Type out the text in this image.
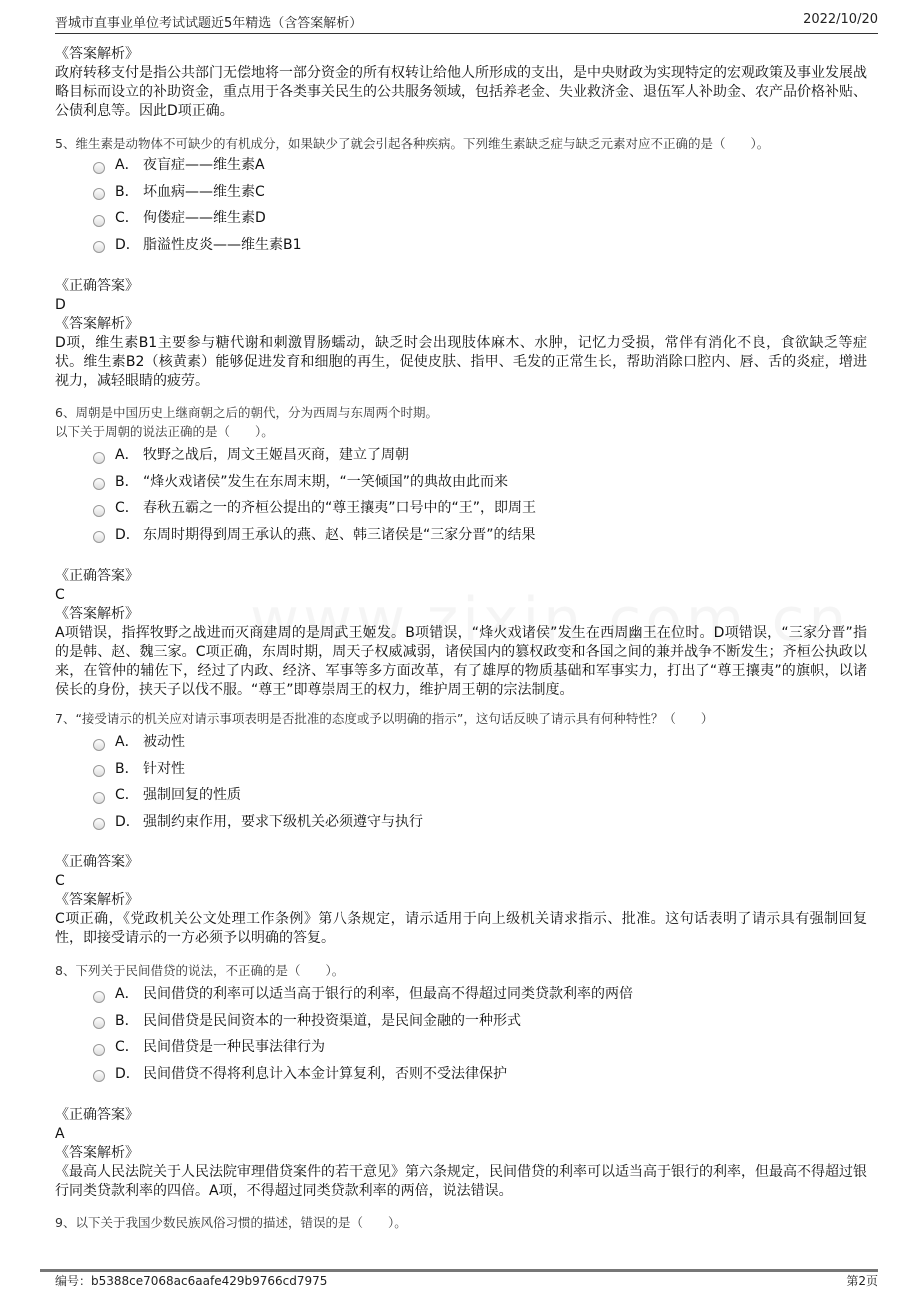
晋城市直事业单位考试试题近5年精选（含答案解析）	2022/10/20
《答案解析》
政府转移支付是指公共部门无偿地将一部分资金的所有权转让给他人所形成的支出，是中央财政为实现特定的宏观政策及事业发展战略目标而设立的补助资金，重点用于各类事关民生的公共服务领域，包括养老金、失业救济金、退伍军人补助金、农产品价格补贴、公债利息等。因此D项正确。
5、维生素是动物体不可缺少的有机成分，如果缺少了就会引起各种疾病。下列维生素缺乏症与缺乏元素对应不正确的是（　　）。
A． 夜盲症——维生素A
B． 坏血病——维生素C
C． 佝偻症——维生素D
D． 脂溢性皮炎——维生素B1
《正确答案》
D
《答案解析》
D项，维生素B1主要参与糖代谢和刺激胃肠蠕动，缺乏时会出现肢体麻木、水肿，记忆力受损，常伴有消化不良，食欲缺乏等症状。维生素B2（核黄素）能够促进发育和细胞的再生，促使皮肤、指甲、毛发的正常生长，帮助消除口腔内、唇、舌的炎症，增进视力，减轻眼睛的疲劳。
6、周朝是中国历史上继商朝之后的朝代，分为西周与东周两个时期。
以下关于周朝的说法正确的是（　　）。
A． 牧野之战后，周文王姬昌灭商，建立了周朝
B． “烽火戏诸侯”发生在东周末期，“一笑倾国”的典故由此而来
C． 春秋五霸之一的齐桓公提出的“尊王攘夷”口号中的“王”，即周王
D． 东周时期得到周王承认的燕、赵、韩三诸侯是“三家分晋”的结果
《正确答案》
C
《答案解析》
A项错误，指挥牧野之战进而灭商建周的是周武王姬发。B项错误，“烽火戏诸侯”发生在西周幽王在位时。D项错误，“三家分晋”指的是韩、赵、魏三家。C项正确，东周时期，周天子权威减弱，诸侯国内的篡权政变和各国之间的兼并战争不断发生；齐桓公执政以来，在管仲的辅佐下，经过了内政、经济、军事等多方面改革，有了雄厚的物质基础和军事实力，打出了“尊王攘夷”的旗帜，以诸侯长的身份，挟天子以伐不服。“尊王”即尊崇周王的权力，维护周王朝的宗法制度。
7、“接受请示的机关应对请示事项表明是否批准的态度或予以明确的指示”，这句话反映了请示具有何种特性？（　　）
A． 被动性
B． 针对性
C． 强制回复的性质
D． 强制约束作用，要求下级机关必须遵守与执行
《正确答案》
C
《答案解析》
C项正确，《党政机关公文处理工作条例》第八条规定，请示适用于向上级机关请求指示、批准。这句话表明了请示具有强制回复性，即接受请示的一方必须予以明确的答复。
8、下列关于民间借贷的说法，不正确的是（　　）。
A． 民间借贷的利率可以适当高于银行的利率，但最高不得超过同类贷款利率的两倍
B． 民间借贷是民间资本的一种投资渠道，是民间金融的一种形式
C． 民间借贷是一种民事法律行为
D． 民间借贷不得将利息计入本金计算复利，否则不受法律保护
《正确答案》
A
《答案解析》
《最高人民法院关于人民法院审理借贷案件的若干意见》第六条规定，民间借贷的利率可以适当高于银行的利率，但最高不得超过银行同类贷款利率的四倍。A项，不得超过同类贷款利率的两倍，说法错误。
9、以下关于我国少数民族风俗习惯的描述，错误的是（　　）。
编号：b5388ce7068ac6aafe429b9766cd7975	第2页
